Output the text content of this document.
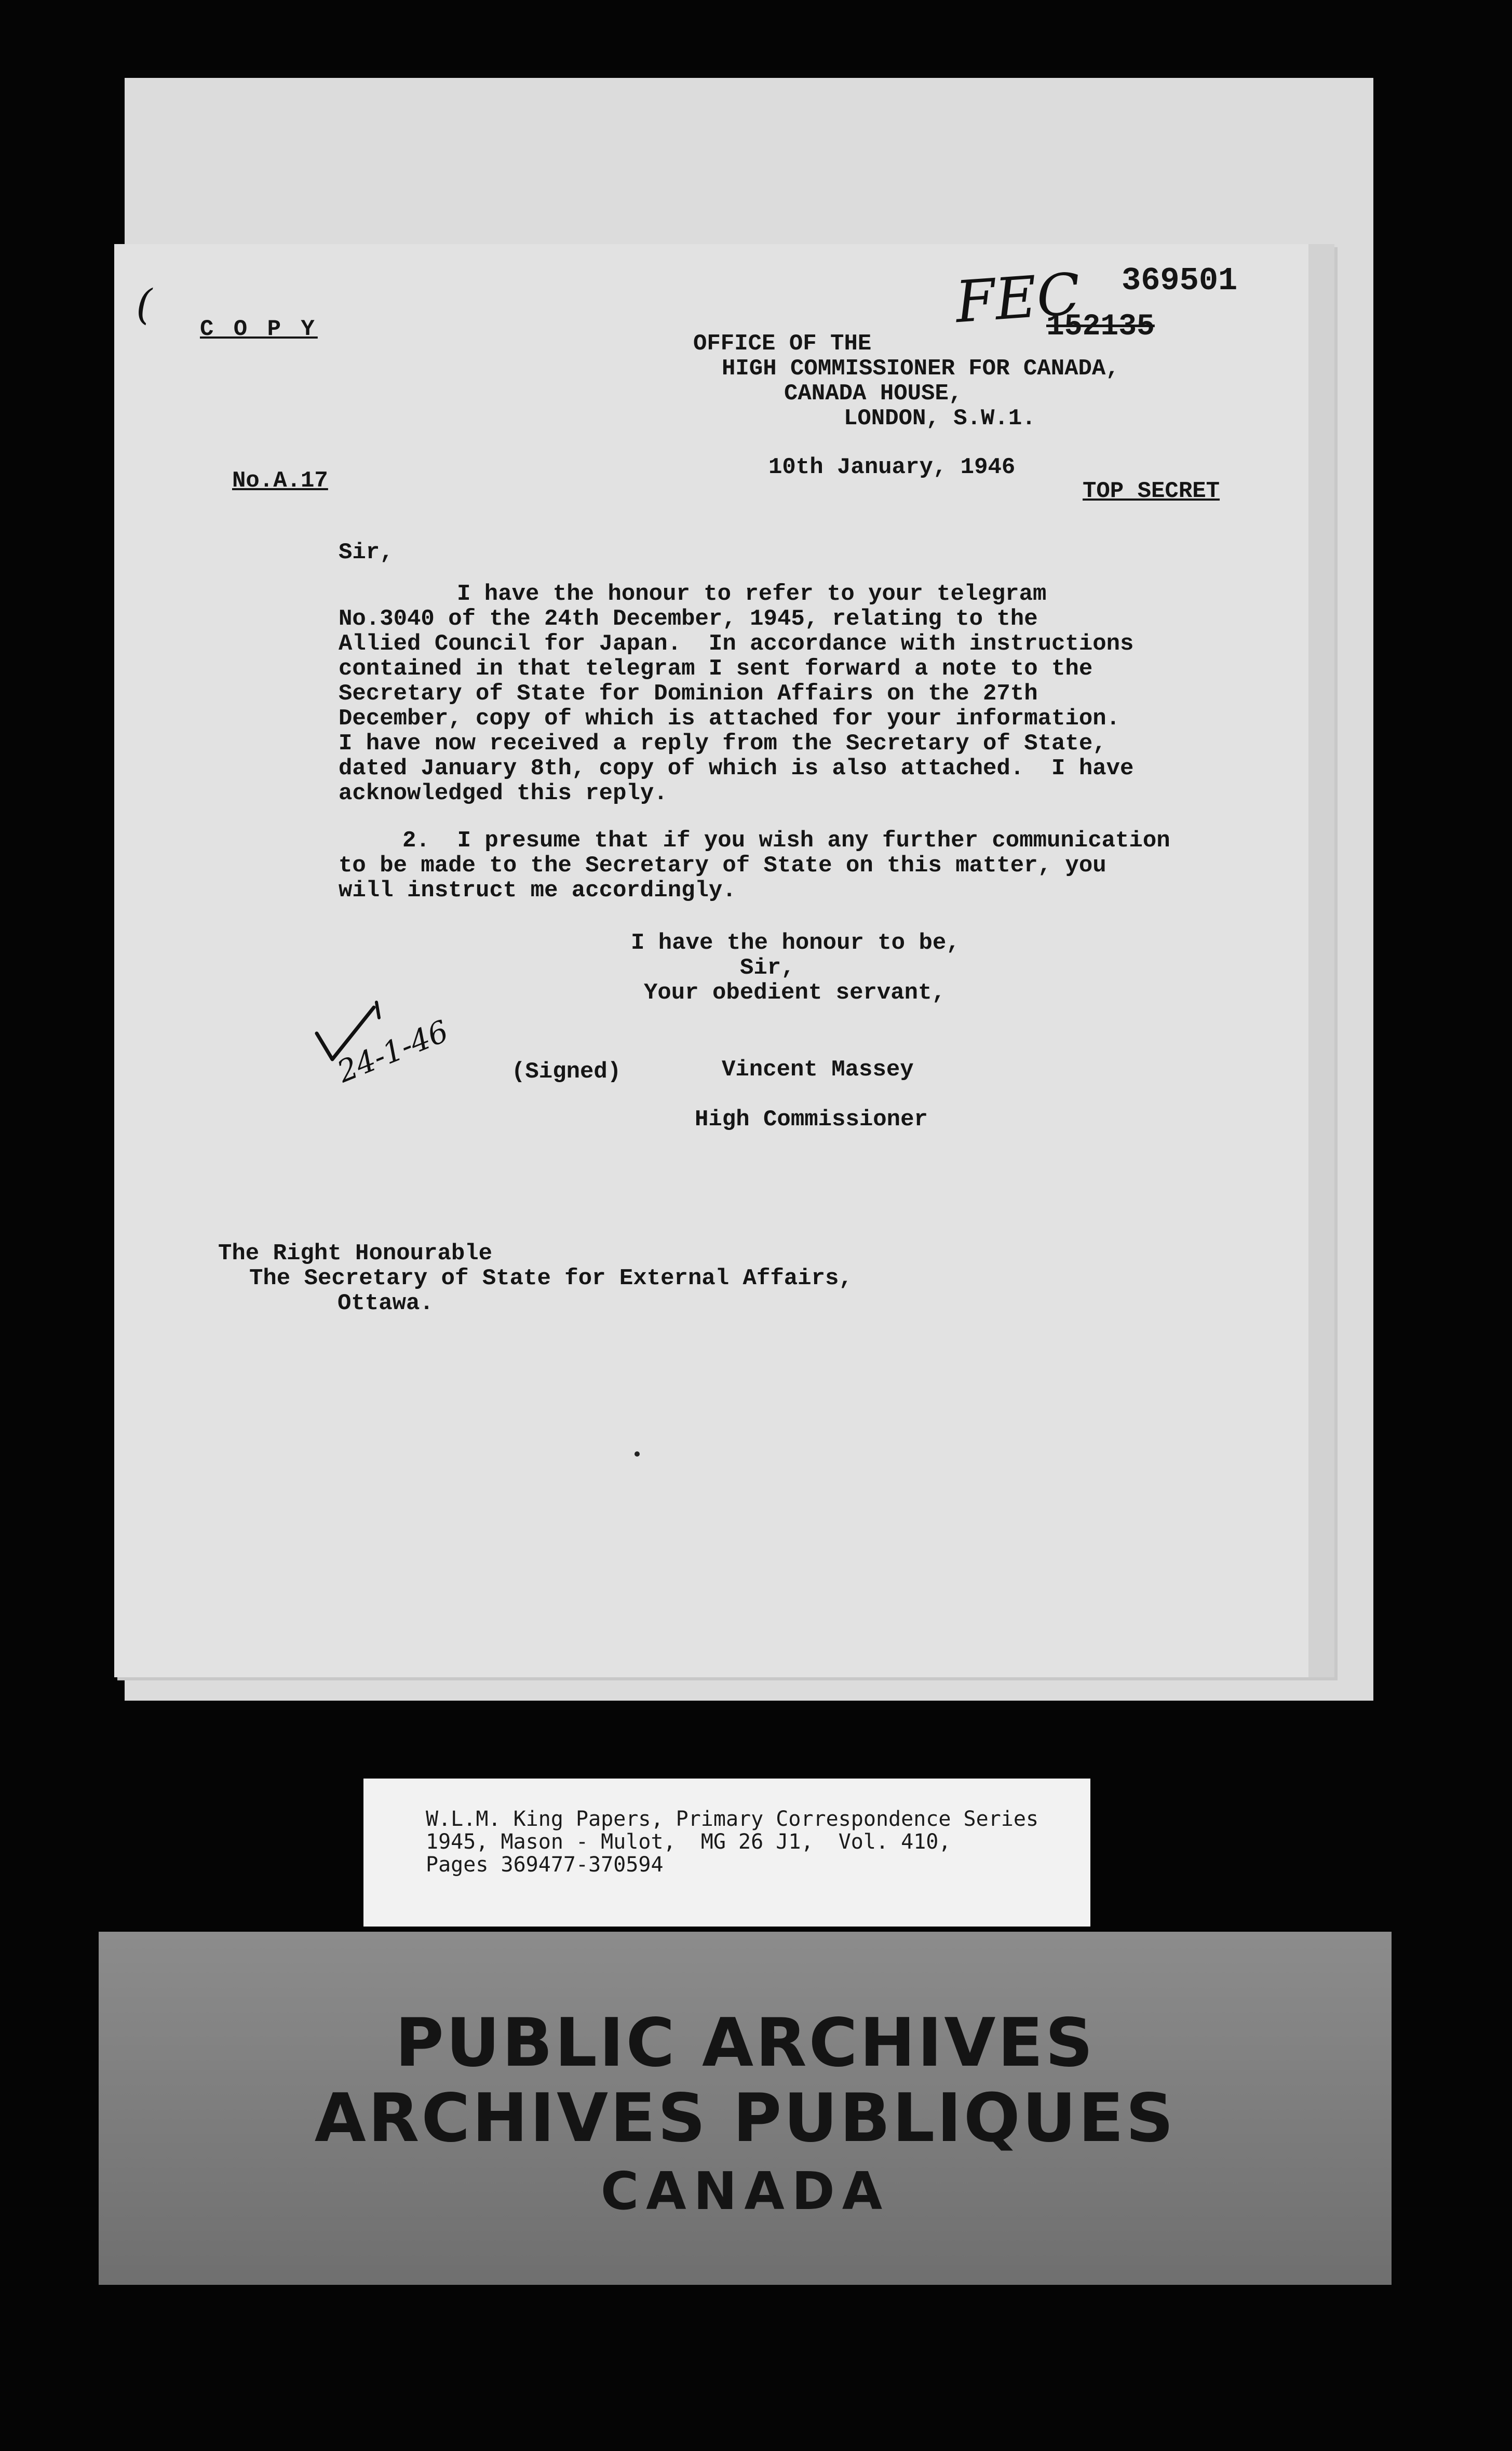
(
C O P Y	FEC 369501
152135
OFFICE OF THE
HIGH COMMISSIONER FOR CANADA,
CANADA HOUSE,
LONDON, S.W.1.
No.A.17
10th January, 1946
TOP SECRET
Sir,
I have the honour to refer to your telegram
No.3040 of the 24th December, 1945, relating to the
Allied Council for Japan.  In accordance with instructions
contained in that telegram I sent forward a note to the
Secretary of State for Dominion Affairs on the 27th
December, copy of which is attached for your information.
I have now received a reply from the Secretary of State,
dated January 8th, copy of which is also attached.  I have
acknowledged this reply.
2.  I presume that if you wish any further communication
to be made to the Secretary of State on this matter, you
will instruct me accordingly.
I have the honour to be,
Sir,
Your obedient servant,
24-1-46	(Signed)	Vincent Massey
High Commissioner
The Right Honourable
The Secretary of State for External Affairs,
Ottawa.
W.L.M. King Papers, Primary Correspondence Series
1945, Mason - Mulot,  MG 26 J1,  Vol. 410,
Pages 369477-370594
PUBLIC ARCHIVES
ARCHIVES PUBLIQUES
CANADA
